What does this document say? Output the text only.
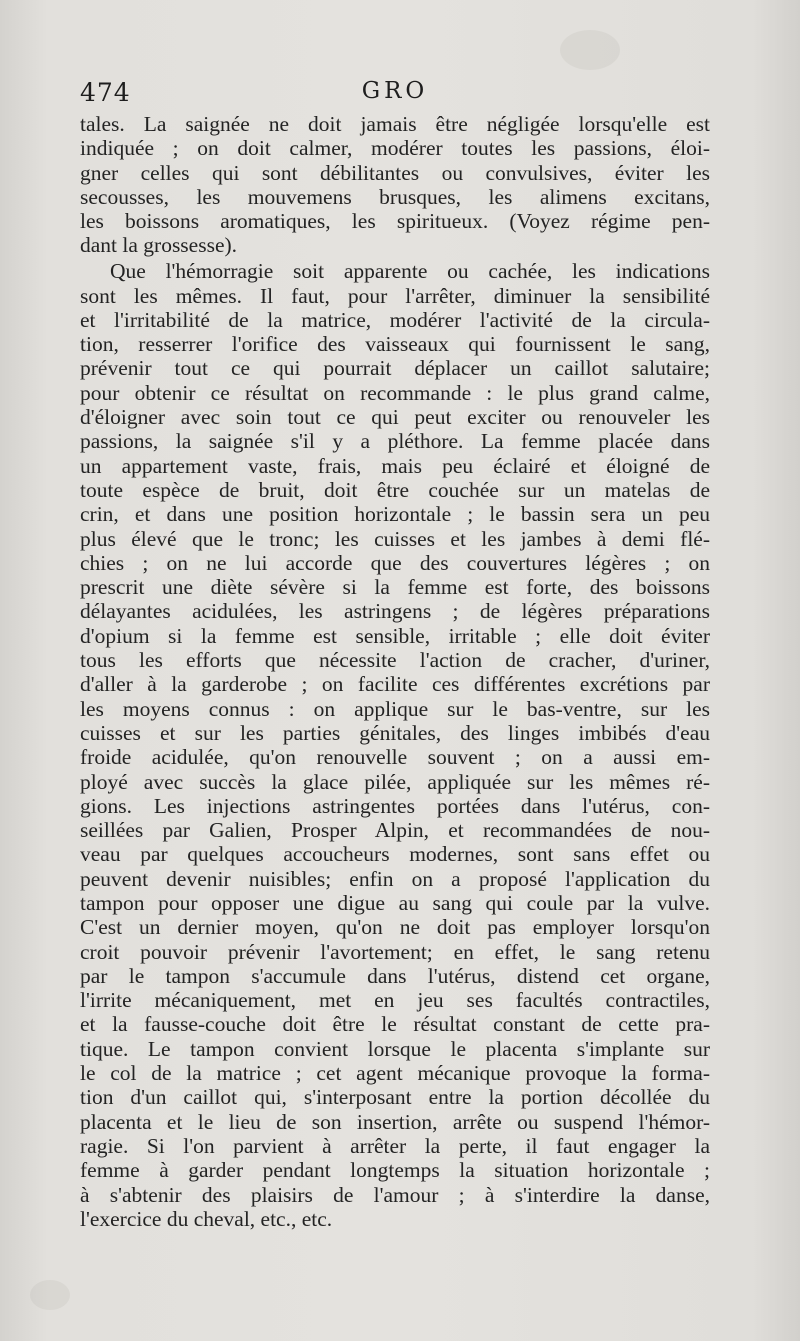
474	GRO
tales. La saignée ne doit jamais être négligée lorsqu'elle est
indiquée ; on doit calmer, modérer toutes les passions, éloi-
gner celles qui sont débilitantes ou convulsives, éviter les
secousses, les mouvemens brusques, les alimens excitans,
les boissons aromatiques, les spiritueux. (Voyez régime pen-
dant la grossesse).
Que l'hémorragie soit apparente ou cachée, les indications
sont les mêmes. Il faut, pour l'arrêter, diminuer la sensibilité
et l'irritabilité de la matrice, modérer l'activité de la circula-
tion, resserrer l'orifice des vaisseaux qui fournissent le sang,
prévenir tout ce qui pourrait déplacer un caillot salutaire;
pour obtenir ce résultat on recommande : le plus grand calme,
d'éloigner avec soin tout ce qui peut exciter ou renouveler les
passions, la saignée s'il y a pléthore. La femme placée dans
un appartement vaste, frais, mais peu éclairé et éloigné de
toute espèce de bruit, doit être couchée sur un matelas de
crin, et dans une position horizontale ; le bassin sera un peu
plus élevé que le tronc; les cuisses et les jambes à demi flé-
chies ; on ne lui accorde que des couvertures légères ; on
prescrit une diète sévère si la femme est forte, des boissons
délayantes acidulées, les astringens ; de légères préparations
d'opium si la femme est sensible, irritable ; elle doit éviter
tous les efforts que nécessite l'action de cracher, d'uriner,
d'aller à la garderobe ; on facilite ces différentes excrétions par
les moyens connus : on applique sur le bas-ventre, sur les
cuisses et sur les parties génitales, des linges imbibés d'eau
froide acidulée, qu'on renouvelle souvent ; on a aussi em-
ployé avec succès la glace pilée, appliquée sur les mêmes ré-
gions. Les injections astringentes portées dans l'utérus, con-
seillées par Galien, Prosper Alpin, et recommandées de nou-
veau par quelques accoucheurs modernes, sont sans effet ou
peuvent devenir nuisibles; enfin on a proposé l'application du
tampon pour opposer une digue au sang qui coule par la vulve.
C'est un dernier moyen, qu'on ne doit pas employer lorsqu'on
croit pouvoir prévenir l'avortement; en effet, le sang retenu
par le tampon s'accumule dans l'utérus, distend cet organe,
l'irrite mécaniquement, met en jeu ses facultés contractiles,
et la fausse-couche doit être le résultat constant de cette pra-
tique. Le tampon convient lorsque le placenta s'implante sur
le col de la matrice ; cet agent mécanique provoque la forma-
tion d'un caillot qui, s'interposant entre la portion décollée du
placenta et le lieu de son insertion, arrête ou suspend l'hémor-
ragie. Si l'on parvient à arrêter la perte, il faut engager la
femme à garder pendant longtemps la situation horizontale ;
à s'abtenir des plaisirs de l'amour ; à s'interdire la danse,
l'exercice du cheval, etc., etc.
